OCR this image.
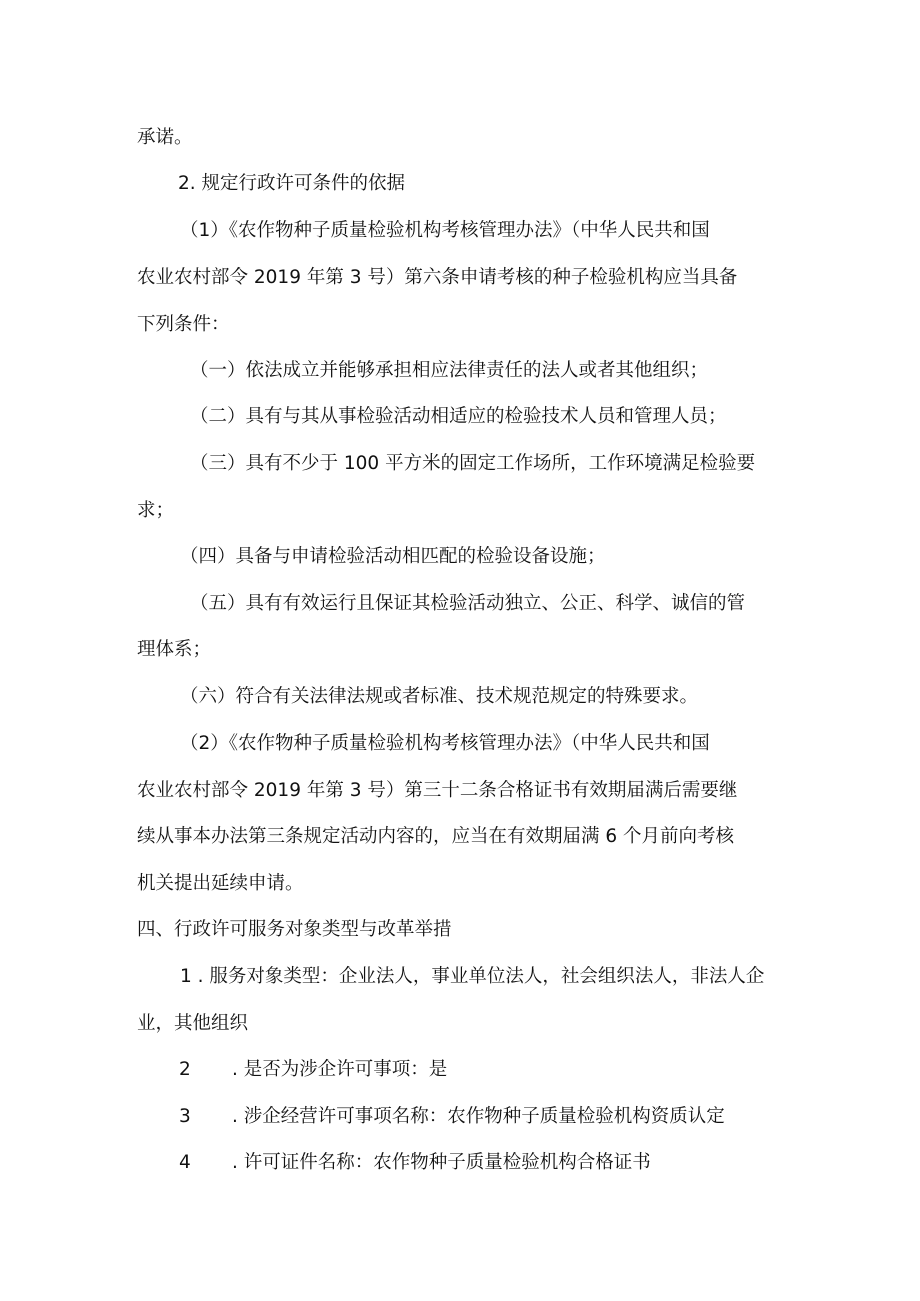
承诺。
2. 规定行政许可条件的依据
（1）《农作物种子质量检验机构考核管理办法》（中华人民共和国
农业农村部令 2019 年第 3 号）第六条申请考核的种子检验机构应当具备
下列条件：
（一）依法成立并能够承担相应法律责任的法人或者其他组织；
（二）具有与其从事检验活动相适应的检验技术人员和管理人员；
（三）具有不少于 100 平方米的固定工作场所，工作环境满足检验要
求；
（四）具备与申请检验活动相匹配的检验设备设施；
（五）具有有效运行且保证其检验活动独立、公正、科学、诚信的管
理体系；
（六）符合有关法律法规或者标准、技术规范规定的特殊要求。
（2）《农作物种子质量检验机构考核管理办法》（中华人民共和国
农业农村部令 2019 年第 3 号）第三十二条合格证书有效期届满后需要继
续从事本办法第三条规定活动内容的，应当在有效期届满 6 个月前向考核
机关提出延续申请。
四、行政许可服务对象类型与改革举措
1 . 服务对象类型：企业法人，事业单位法人，社会组织法人，非法人企
业，其他组织
2 . 是否为涉企许可事项：是
3 . 涉企经营许可事项名称：农作物种子质量检验机构资质认定
4 . 许可证件名称：农作物种子质量检验机构合格证书
